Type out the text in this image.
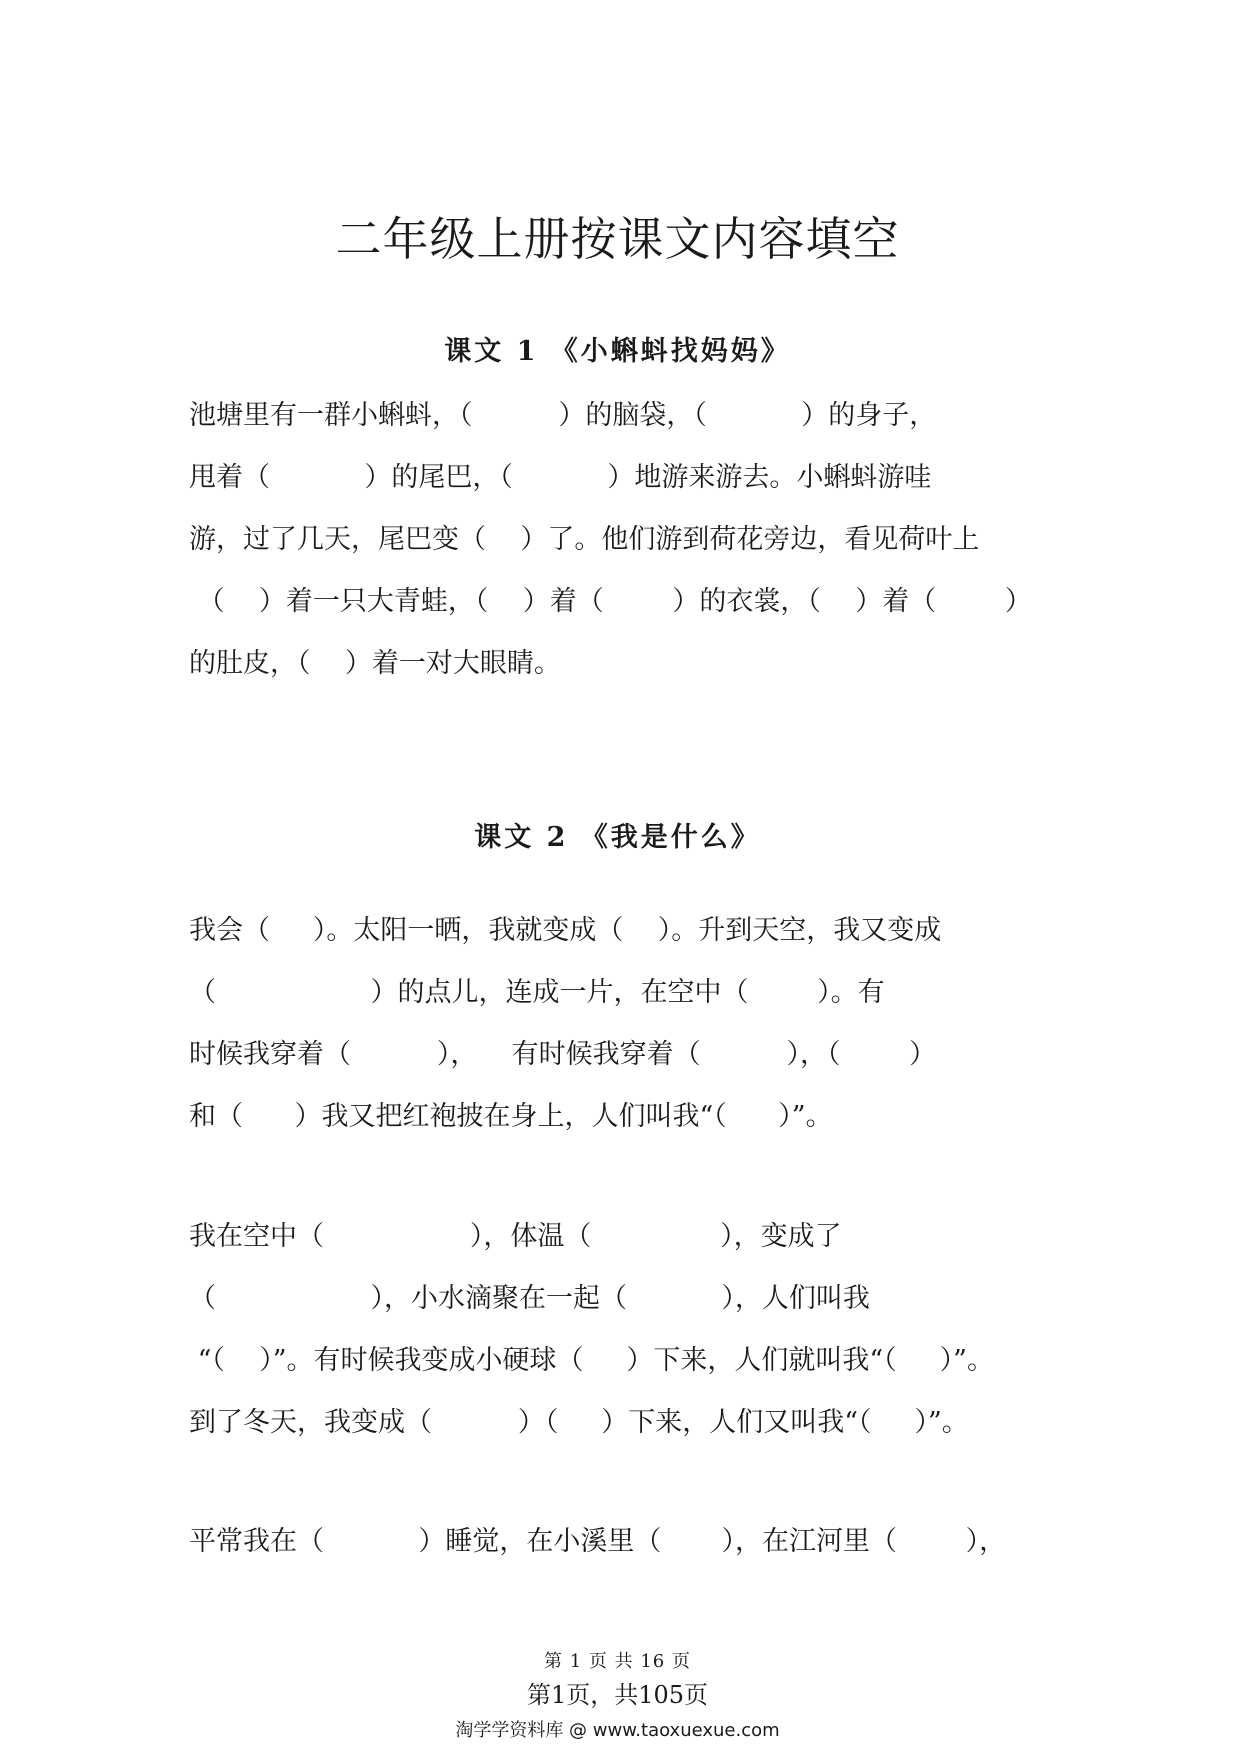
二年级上册按课文内容填空
课文 1 《小蝌蚪找妈妈》
池塘里有一群小蝌蚪，（          ）的脑袋，（           ）的身子，
甩着（           ）的尾巴，（           ）地游来游去。小蝌蚪游哇
游，过了几天，尾巴变（    ）了。他们游到荷花旁边，看见荷叶上
（    ）着一只大青蛙，（    ）着（        ）的衣裳，（    ）着（        ）
的肚皮，（    ）着一对大眼睛。
课文 2 《我是什么》
我会（     ）。太阳一晒，我就变成（    ）。升到天空，我又变成
（                  ）的点儿，连成一片，在空中（        ）。有
时候我穿着（          ），    有时候我穿着（          ），（        ）
和（      ）我又把红袍披在身上，人们叫我“（      ）”。
我在空中（                 ），体温（               ），变成了
（                  ），小水滴聚在一起（           ），人们叫我
“（    ）”。有时候我变成小硬球（     ）下来，人们就叫我“（     ）”。
到了冬天，我变成（          ）（     ）下来，人们又叫我“（     ）”。
平常我在（           ）睡觉，在小溪里（       ），在江河里（        ），
第 1 页 共 16 页
第1页，共105页
淘学学资料库 @ www.taoxuexue.com
